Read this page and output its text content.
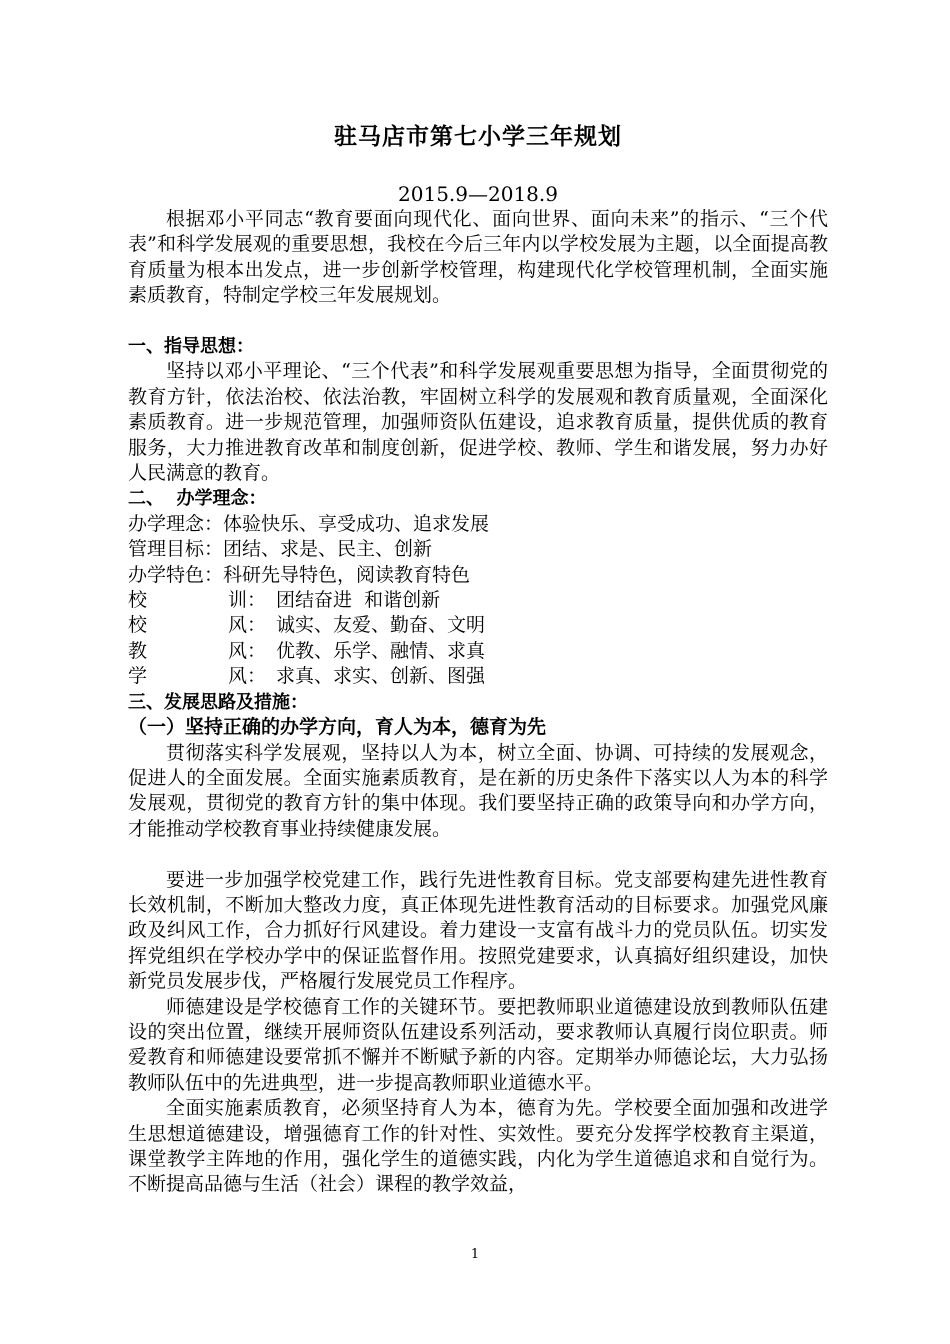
驻马店市第七小学三年规划
2015.9—2018.9

根据邓小平同志“教育要面向现代化、面向世界、面向未来”的指示、“三个代表”和科学发展观的重要思想，我校在今后三年内以学校发展为主题，以全面提高教育质量为根本出发点，进一步创新学校管理，构建现代化学校管理机制，全面实施素质教育，特制定学校三年发展规划。

一、指导思想：

坚持以邓小平理论、“三个代表”和科学发展观重要思想为指导，全面贯彻党的教育方针，依法治校、依法治教，牢固树立科学的发展观和教育质量观，全面深化素质教育。进一步规范管理，加强师资队伍建设，追求教育质量，提供优质的教育服务，大力推进教育改革和制度创新，促进学校、教师、学生和谐发展，努力办好人民满意的教育。

二、  办学理念：

办学理念： 体验快乐、享受成功、追求发展

管理目标： 团结、求是、民主、创新

办学特色： 科研先导特色，阅读教育特色

校	训： 团结奋进  和谐创新

校	风： 诚实、友爱、勤奋、文明

教	风： 优教、乐学、融情、求真

学	风： 求真、求实、创新、图强

三、发展思路及措施：

（一）坚持正确的办学方向，育人为本，德育为先

贯彻落实科学发展观，坚持以人为本，树立全面、协调、可持续的发展观念，促进人的全面发展。全面实施素质教育，是在新的历史条件下落实以人为本的科学发展观，贯彻党的教育方针的集中体现。我们要坚持正确的政策导向和办学方向，才能推动学校教育事业持续健康发展。

要进一步加强学校党建工作，践行先进性教育目标。党支部要构建先进性教育长效机制，不断加大整改力度，真正体现先进性教育活动的目标要求。加强党风廉政及纠风工作，合力抓好行风建设。着力建设一支富有战斗力的党员队伍。切实发挥党组织在学校办学中的保证监督作用。按照党建要求，认真搞好组织建设，加快新党员发展步伐，严格履行发展党员工作程序。

师德建设是学校德育工作的关键环节。要把教师职业道德建设放到教师队伍建设的突出位置，继续开展师资队伍建设系列活动，要求教师认真履行岗位职责。师爱教育和师德建设要常抓不懈并不断赋予新的内容。定期举办师德论坛，大力弘扬教师队伍中的先进典型，进一步提高教师职业道德水平。

全面实施素质教育，必须坚持育人为本，德育为先。学校要全面加强和改进学生思想道德建设，增强德育工作的针对性、实效性。要充分发挥学校教育主渠道，课堂教学主阵地的作用，强化学生的道德实践，内化为学生道德追求和自觉行为。不断提高品德与生活（社会）课程的教学效益，

1
